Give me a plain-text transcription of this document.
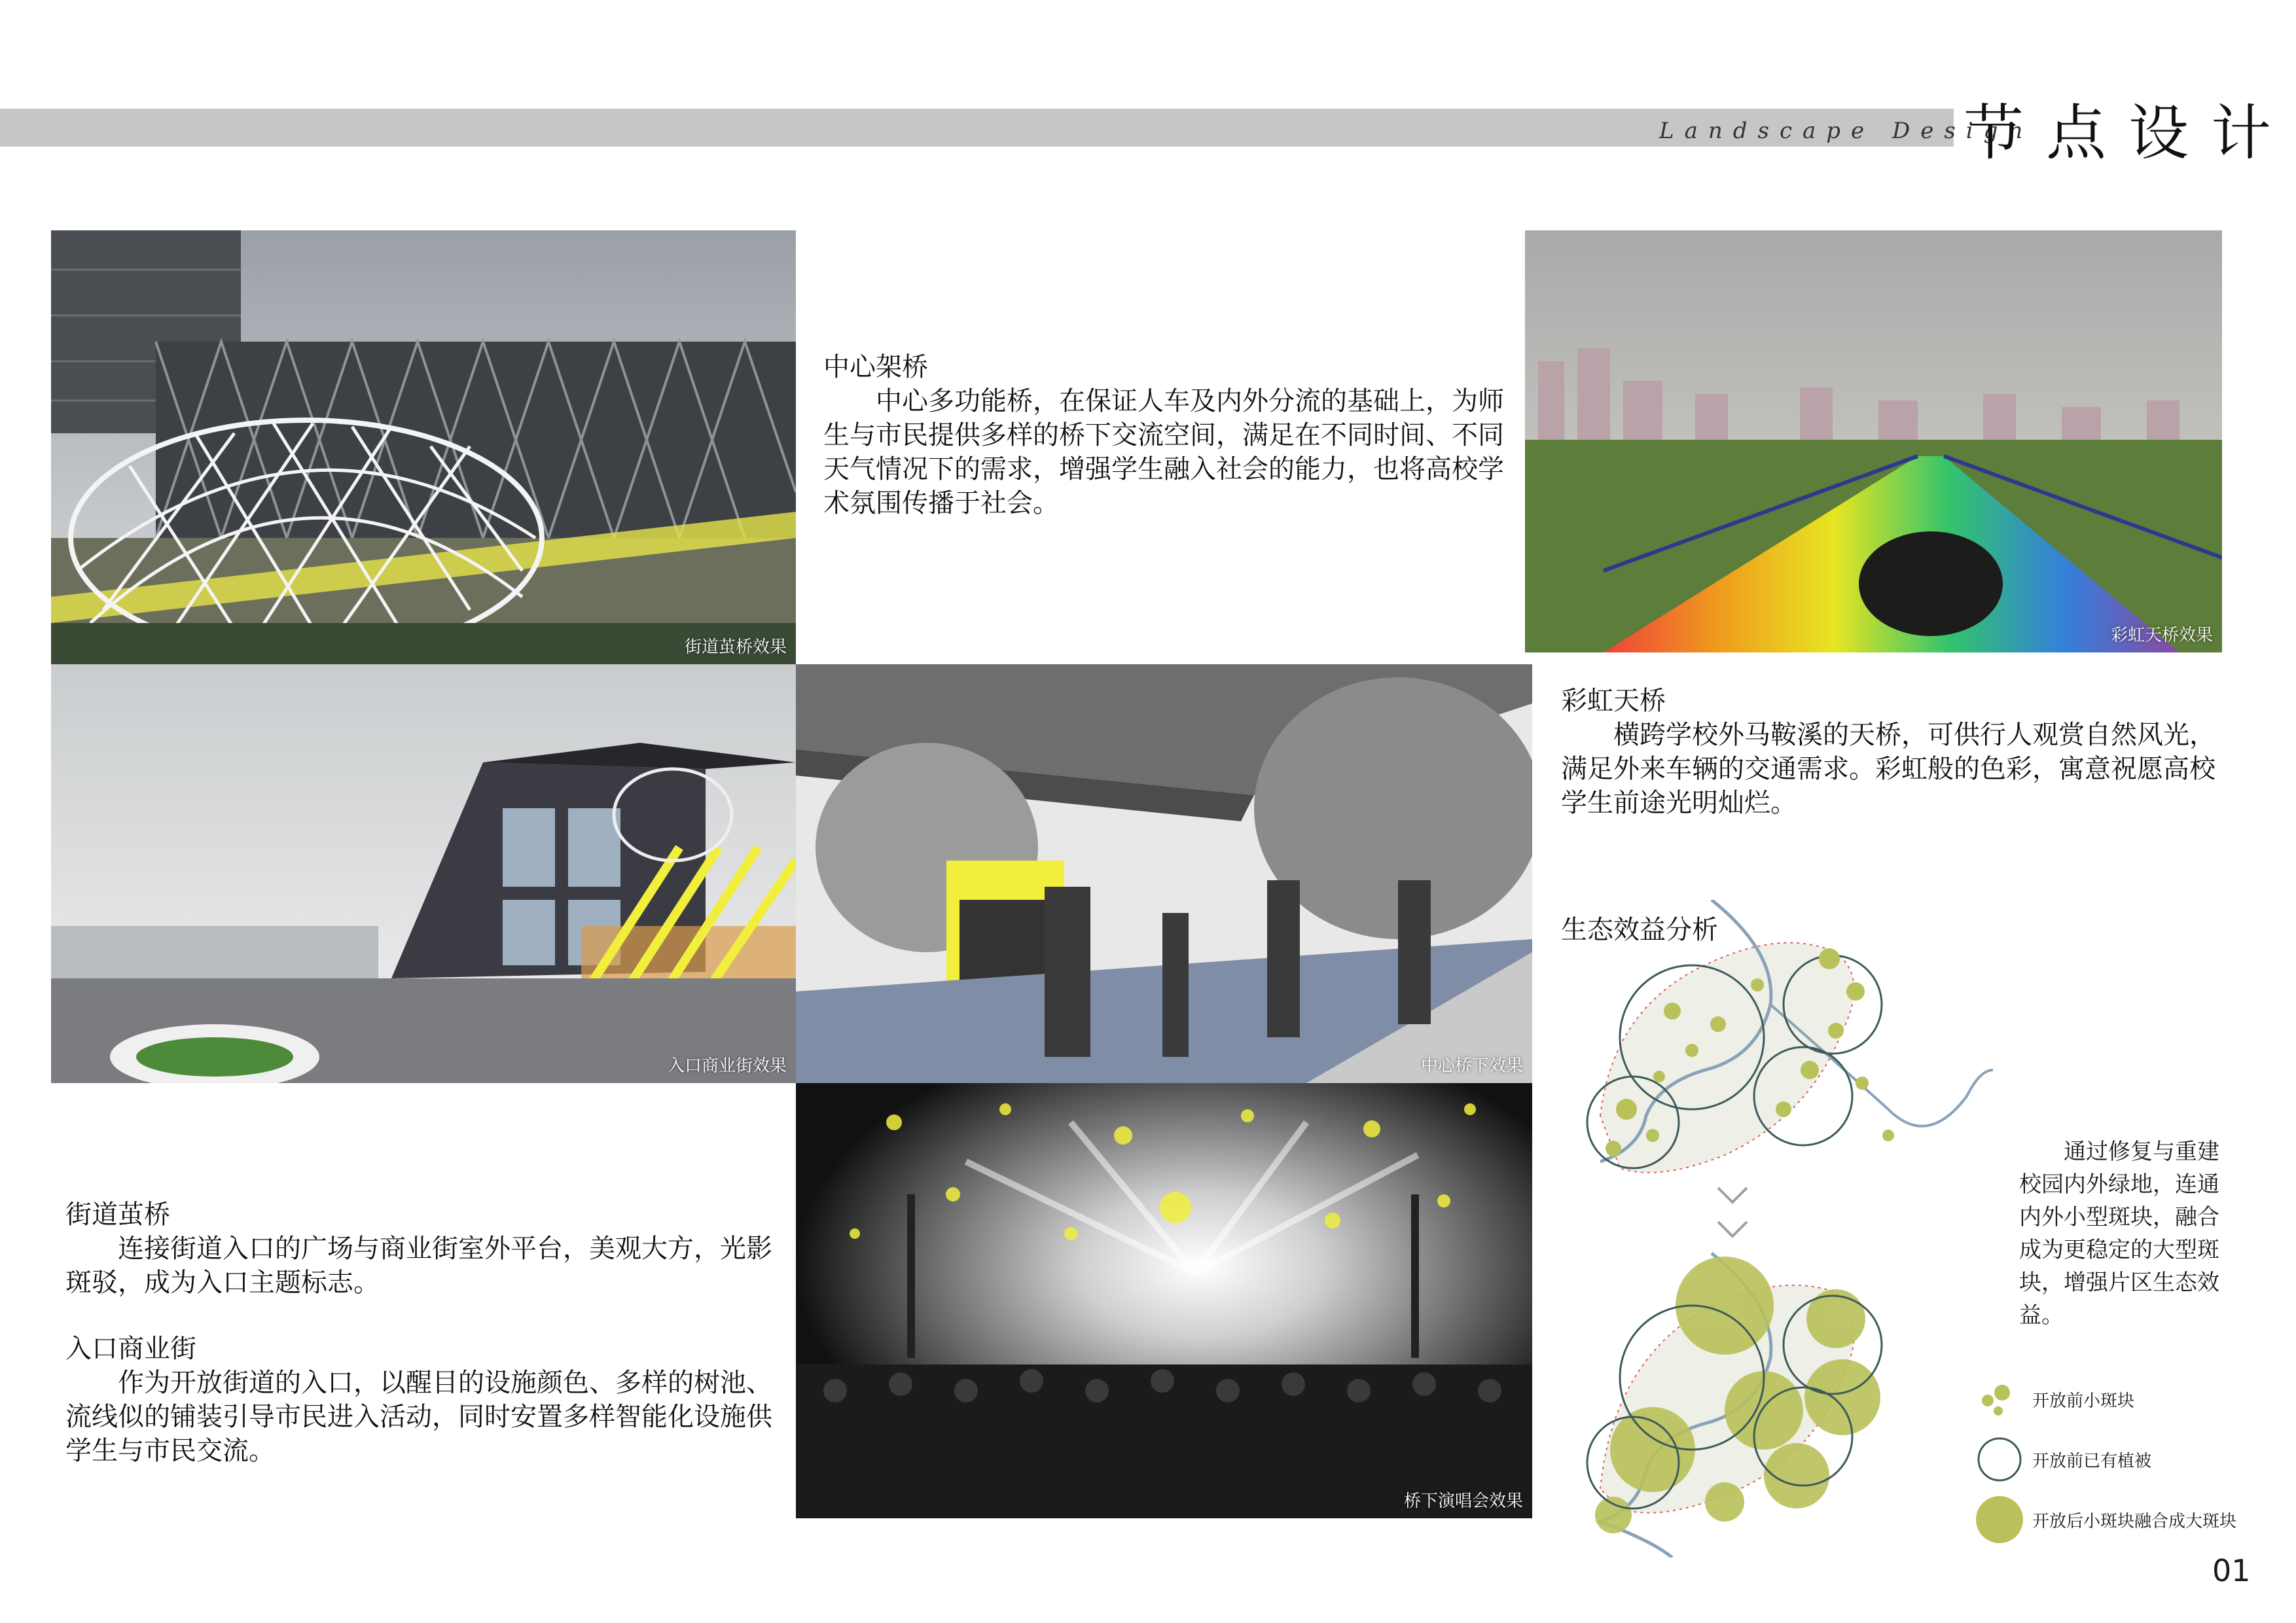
Landscape Design
节点设计
街道茧桥效果
入口商业街效果	中心桥下效果
桥下演唱会效果
彩虹天桥效果
中心架桥
中心多功能桥，在保证人车及内外分流的基础上，为师生与市民提供多样的桥下交流空间，满足在不同时间、不同天气情况下的需求，增强学生融入社会的能力，也将高校学术氛围传播于社会。
彩虹天桥
横跨学校外马鞍溪的天桥，可供行人观赏自然风光，满足外来车辆的交通需求。彩虹般的色彩，寓意祝愿高校学生前途光明灿烂。
街道茧桥
连接街道入口的广场与商业街室外平台，美观大方，光影斑驳，成为入口主题标志。
入口商业街
作为开放街道的入口，以醒目的设施颜色、多样的树池、流线似的铺装引导市民进入活动，同时安置多样智能化设施供学生与市民交流。
生态效益分析
通过修复与重建校园内外绿地，连通内外小型斑块，融合成为更稳定的大型斑块，增强片区生态效益。
开放前小斑块
开放前已有植被
开放后小斑块融合成大斑块
01
